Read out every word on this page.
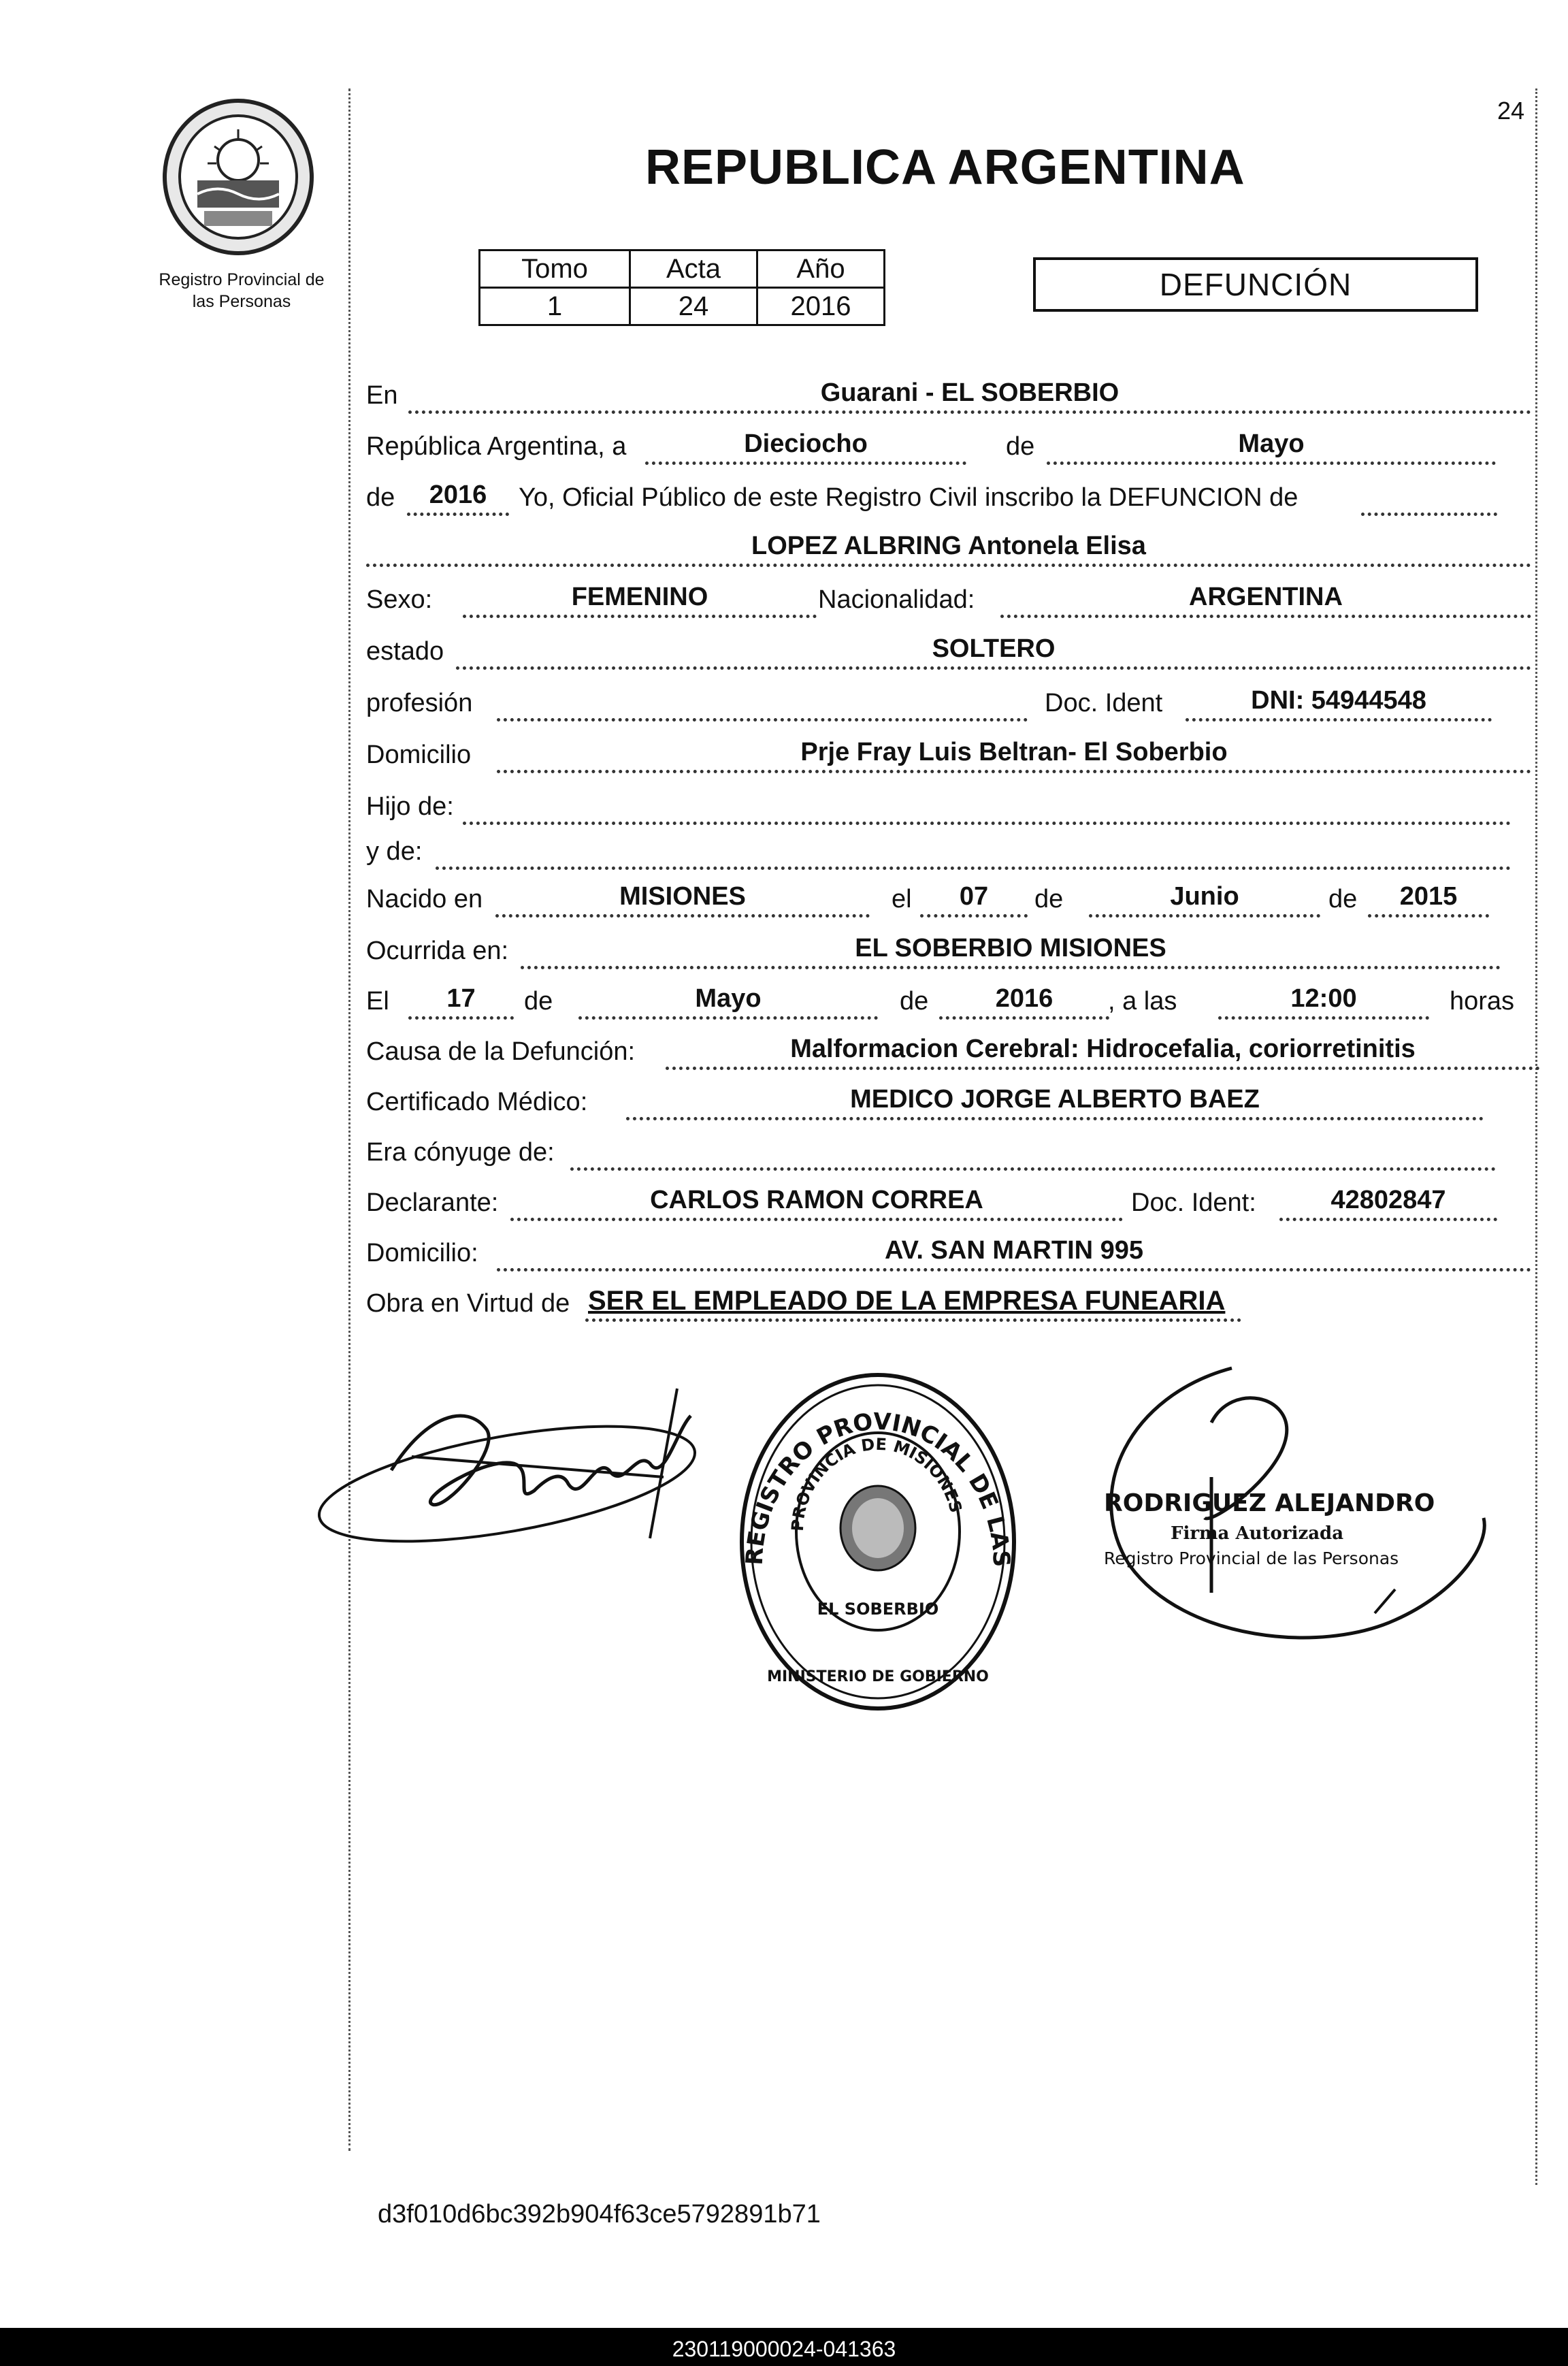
24
Registro Provincial de
las Personas
REPUBLICA ARGENTINA
Tomo	Acta	Año
1	24	2016
DEFUNCIÓN
En	Guarani - EL SOBERBIO
República Argentina, a	Dieciocho	de	Mayo
de	2016	Yo, Oficial Público de este Registro Civil inscribo la DEFUNCION de
LOPEZ ALBRING Antonela Elisa
Sexo:	FEMENINO	Nacionalidad:	ARGENTINA
estado	SOLTERO
profesión	Doc. Ident	DNI: 54944548
Domicilio	Prje Fray Luis Beltran- El Soberbio
Hijo de:
y de:
Nacido en	MISIONES	el	07	de	Junio	de	2015
Ocurrida en:	EL SOBERBIO MISIONES
El	17	de	Mayo	de	2016	, a las	12:00	horas
Causa de la Defunción:	Malformacion Cerebral: Hidrocefalia, coriorretinitis
Certificado Médico:	MEDICO JORGE ALBERTO BAEZ
Era cónyuge de:
Declarante:	CARLOS RAMON CORREA	Doc. Ident:	42802847
Domicilio:	AV. SAN MARTIN 995
Obra en Virtud de SER EL EMPLEADO DE LA EMPRESA FUNEARIA
REGISTRO PROVINCIAL DE LAS
PROVINCIA DE MISIONES
EL SOBERBIO
MINISTERIO DE GOBIERNO
RODRIGUEZ ALEJANDRO
Firma Autorizada
Registro Provincial de las Personas
d3f010d6bc392b904f63ce5792891b71
230119000024-041363
